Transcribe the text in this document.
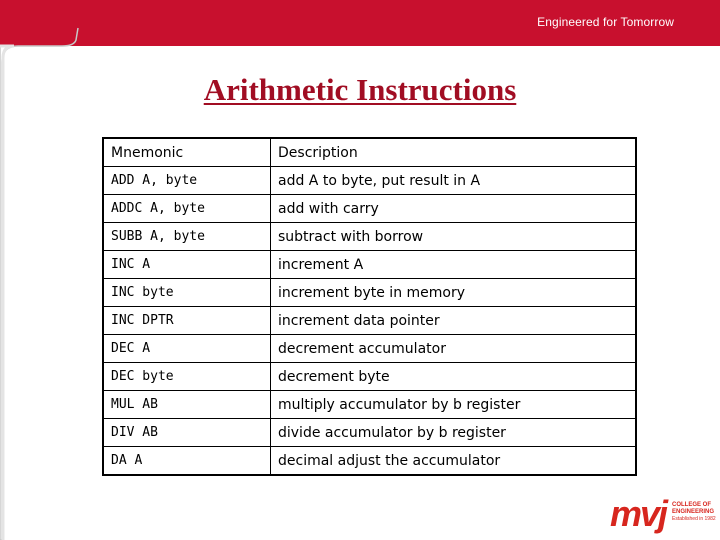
Engineered for Tomorrow
Arithmetic Instructions
Mnemonic	Description
ADD A, byte	add A to byte, put result in A
ADDC A, byte	add with carry
SUBB A, byte	subtract with borrow
INC A	increment A
INC byte	increment byte in memory
INC DPTR	increment data pointer
DEC A	decrement accumulator
DEC byte	decrement byte
MUL AB	multiply accumulator by b register
DIV AB	divide accumulator by b register
DA A	decimal adjust the accumulator
mvj COLLEGE OF
ENGINEERING
Established in 1982
